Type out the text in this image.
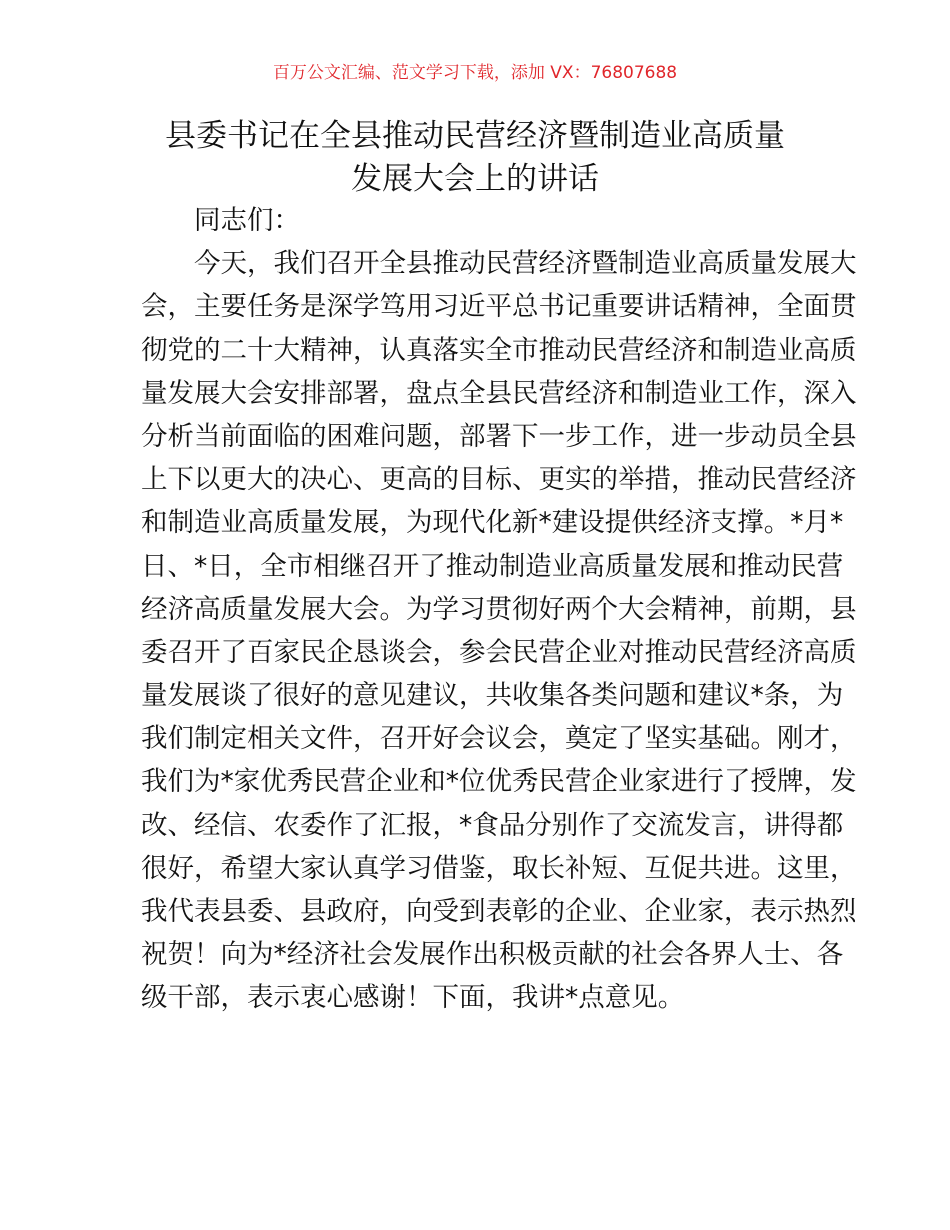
百万公文汇编、范文学习下载，添加 VX：76807688
县委书记在全县推动民营经济暨制造业高质量
发展大会上的讲话
同志们：
今天，我们召开全县推动民营经济暨制造业高质量发展大
会，主要任务是深学笃用习近平总书记重要讲话精神，全面贯
彻党的二十大精神，认真落实全市推动民营经济和制造业高质
量发展大会安排部署，盘点全县民营经济和制造业工作，深入
分析当前面临的困难问题，部署下一步工作，进一步动员全县
上下以更大的决心、更高的目标、更实的举措，推动民营经济
和制造业高质量发展，为现代化新*建设提供经济支撑。*月*
日、*日，全市相继召开了推动制造业高质量发展和推动民营
经济高质量发展大会。为学习贯彻好两个大会精神，前期，县
委召开了百家民企恳谈会，参会民营企业对推动民营经济高质
量发展谈了很好的意见建议，共收集各类问题和建议*条，为
我们制定相关文件，召开好会议会，奠定了坚实基础。刚才，
我们为*家优秀民营企业和*位优秀民营企业家进行了授牌，发
改、经信、农委作了汇报，*食品分别作了交流发言，讲得都
很好，希望大家认真学习借鉴，取长补短、互促共进。这里，
我代表县委、县政府，向受到表彰的企业、企业家，表示热烈
祝贺！向为*经济社会发展作出积极贡献的社会各界人士、各
级干部，表示衷心感谢！下面，我讲*点意见。
